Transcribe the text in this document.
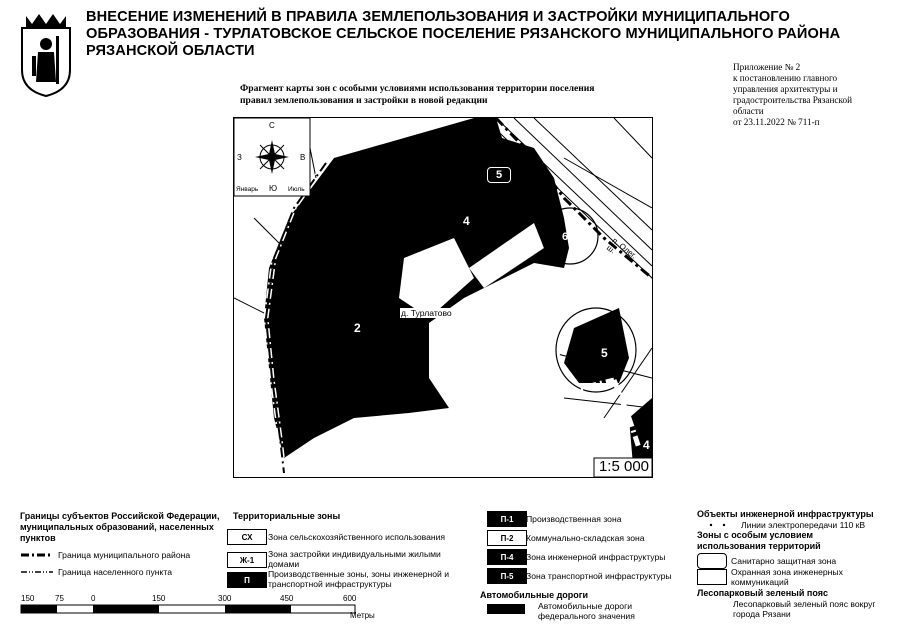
ВНЕСЕНИЕ ИЗМЕНЕНИЙ В ПРАВИЛА ЗЕМЛЕПОЛЬЗОВАНИЯ И ЗАСТРОЙКИ МУНИЦИПАЛЬНОГО ОБРАЗОВАНИЯ - ТУРЛАТОВСКОЕ СЕЛЬСКОЕ ПОСЕЛЕНИЕ РЯЗАНСКОГО МУНИЦИПАЛЬНОГО РАЙОНА РЯЗАНСКОЙ ОБЛАСТИ
Приложение № 2
к постановлению главного
управления архитектуры и
градостроительства Рязанской
области
от 23.11.2022 № 711-п
Фрагмент карты зон с особыми условиями использования территории поселения
правил землепользования и застройки в новой редакции
С
Ю
З	В
Январь	Июль
4
2
5
5
6
4
д. Турлатово
п. Олег. ш.
1:5 000
Границы субъектов Российской Федерации, муниципальных образований, населенных пунктов
Граница муниципального района
Граница населенного пункта
150	75	0	150	300	450	600
Метры
Территориальные зоны
СХ	Зона сельскохозяйственного использования
Ж-1
Зона застройки индивидуальными жилыми домами
П
Производственные зоны, зоны инженерной и транспортной инфраструктуры
П-1	Производственная зона
П-2	Коммунально-складская зона
П-4	Зона инженерной инфраструктуры
П-5	Зона транспортной инфраструктуры
Автомобильные дороги
Автомобильные дороги федерального значения
Объекты инженерной инфраструктуры
Линии электропередачи 110 кВ
Зоны с особым условием использования территорий
Санитарно защитная зона
Охранная зона инженерных коммуникаций
Лесопарковый зеленый пояс
Лесопарковый зеленый пояс вокруг города Рязани
